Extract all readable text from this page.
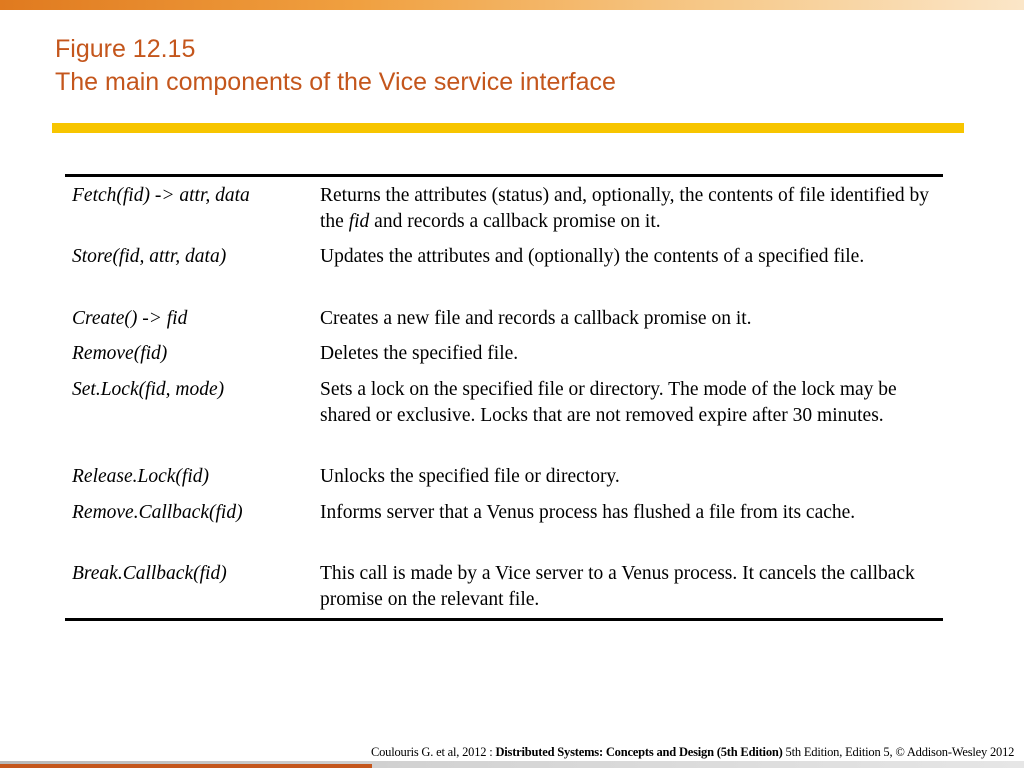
Figure 12.15
The main components of the Vice service interface
Fetch(fid) -> attr, data	Returns the attributes (status) and, optionally, the contents of file identified by the fid and records a callback promise on it.
Store(fid, attr, data)	Updates the attributes and (optionally) the contents of a specified file.
Create() -> fid	Creates a new file and records a callback promise on it.
Remove(fid)	Deletes the specified file.
Set.Lock(fid, mode)	Sets a lock on the specified file or directory. The mode of the lock may be shared or exclusive. Locks that are not removed expire after 30 minutes.
Release.Lock(fid)	Unlocks the specified file or directory.
Remove.Callback(fid)	Informs server that a Venus process has flushed a file from its cache.
Break.Callback(fid)	This call is made by a Vice server to a Venus process. It cancels the callback promise on the relevant file.
Coulouris G. et al, 2012 : Distributed Systems: Concepts and Design (5th Edition) 5th Edition, Edition 5, © Addison-Wesley 2012
